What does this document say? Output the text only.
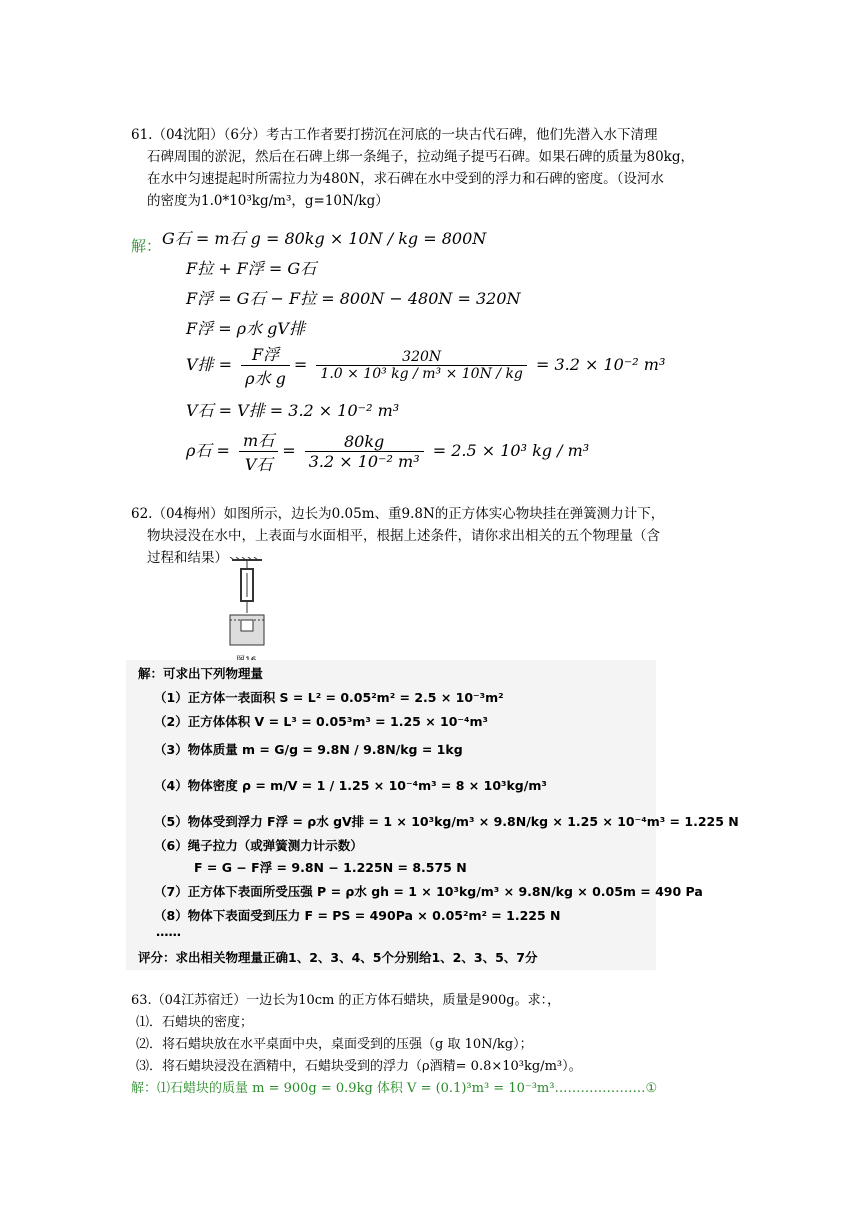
61.（04沈阳）（6分）考古工作者要打捞沉在河底的一块古代石碑，他们先潜入水下清理

石碑周围的淤泥，然后在石碑上绑一条绳子，拉动绳子提丐石碑。如果石碑的质量为80kg，
在水中匀速提起时所需拉力为480N，求石碑在水中受到的浮力和石碑的密度。（设河水
的密度为1.0*10³kg/m³，g=10N/kg）
解： G石 = m石 g = 80kg × 10N / kg = 800N
F拉 + F浮 = G石
F浮 = G石 − F拉 = 800N − 480N = 320N
F浮 = ρ水 gV排
V排 = $\frac{\text{F浮}}{\text{ρ水 g}} = \frac{320N}{\text{1.0 × 10³ kg / m³ × 10N / kg}} = 3.2 \times 10^{-2}$ m³
V石 = V排 = 3.2 × 10⁻² m³
ρ石 = $\frac{\text{m石}}{\text{V石}} = \frac{80kg}{\text{3.2 × 10⁻² m³}} = 2.5 \times 10^3$ kg / m³
62.（04梅州）如图所示，边长为0.05m、重9.8N的正方体实心物块挂在弹簧测力计下，

物块浸没在水中，上表面与水面相平，根据上述条件，请你求出相关的五个物理量（含
过程和结果）
解：可求出下列物理量
（1）正方体一表面积 S = L² = 0.05²m² = 2.5 × 10⁻³m²
（2）正方体体积 V = L³ = 0.05³m³ = 1.25 × 10⁻⁴m³
（3）物体质量 m = G/g = 9.8N / 9.8N/kg = 1kg
（4）物体密度 ρ = m/V = 1 / 1.25 × 10⁻⁴m³ = 8 × 10³kg/m³
（5）物体受到浮力 F浮 = ρ水 gV排 = 1 × 10³kg/m³ × 9.8N/kg × 1.25 × 10⁻⁴m³ = 1.225 N
（6）绳子拉力（或弹簧测力计示数）
F = G − F浮 = 9.8N − 1.225N = 8.575 N
（7）正方体下表面所受压强 P = ρ水 gh = 1 × 10³kg/m³ × 9.8N/kg × 0.05m = 490 Pa
（8）物体下表面受到压力 F = PS = 490Pa × 0.05²m² = 1.225 N
……
评分：求出相关物理量正确1、2、3、4、5个分别给1、2、3、5、7分
63.（04江苏宿迁）一边长为10cm 的正方体石蜡块，质量是900g。求：，
⑴．石蜡块的密度；
⑵．将石蜡块放在水平桌面中央，桌面受到的压强（g 取 10N/kg）；
⑶．将石蜡块浸没在酒精中，石蜡块受到的浮力（ρ酒精= 0.8×10³kg/m³）。
解：⑴石蜡块的质量 m = 900g = 0.9kg 体积 V = (0.1)³m³ = 10⁻³m³…………………①
